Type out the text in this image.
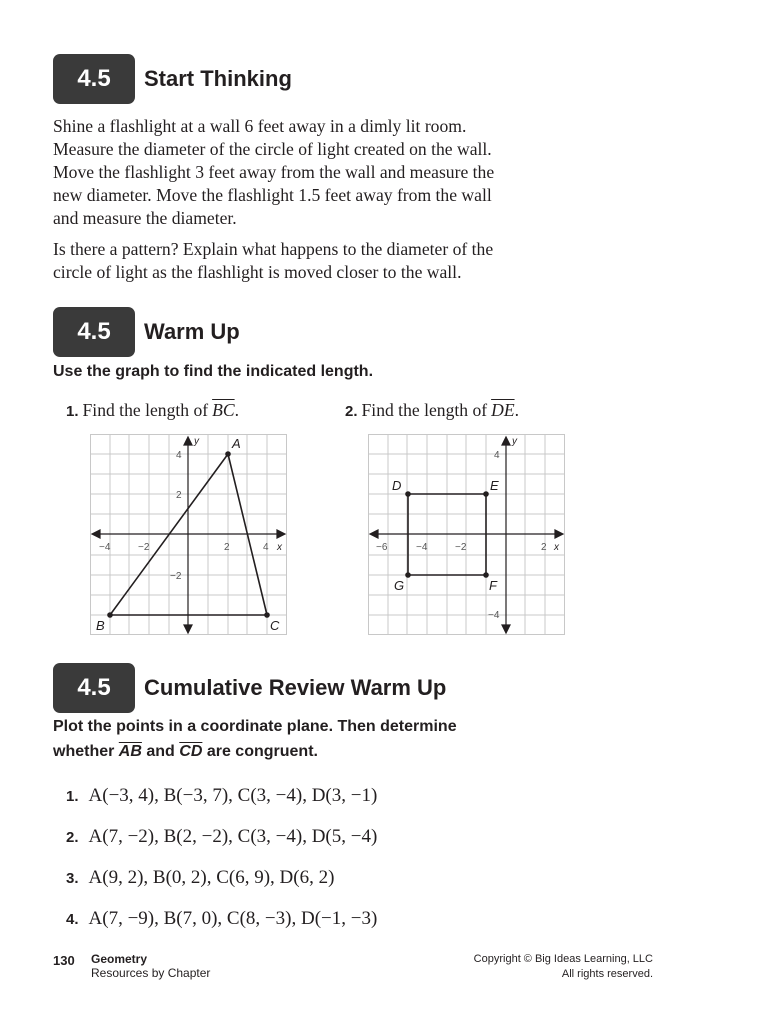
4.5	Start Thinking
Shine a flashlight at a wall 6 feet away in a dimly lit room.
Measure the diameter of the circle of light created on the wall.
Move the flashlight 3 feet away from the wall and measure the
new diameter. Move the flashlight 1.5 feet away from the wall
and measure the diameter.
Is there a pattern? Explain what happens to the diameter of the
circle of light as the flashlight is moved closer to the wall.
4.5	Warm Up
Use the graph to find the indicated length.
1. Find the length of $\overline{BC}$.	2. Find the length of $\overline{DE}$.
y
x
−4	−2	2	4
4
2
−2
A
B	C
y
x
−6	−4	−2	2
4
−4
D	E
F
G
4.5	Cumulative Review Warm Up
Plot the points in a coordinate plane. Then determine
whether $\overline{AB}$ and $\overline{CD}$ are congruent.
1. A(−3, 4), B(−3, 7), C(3, −4), D(3, −1)
2. A(7, −2), B(2, −2), C(3, −4), D(5, −4)
3. A(9, 2), B(0, 2), C(6, 9), D(6, 2)
4. A(7, −9), B(7, 0), C(8, −3), D(−1, −3)
130 Geometry
Resources by Chapter
Copyright © Big Ideas Learning, LLC
All rights reserved.
